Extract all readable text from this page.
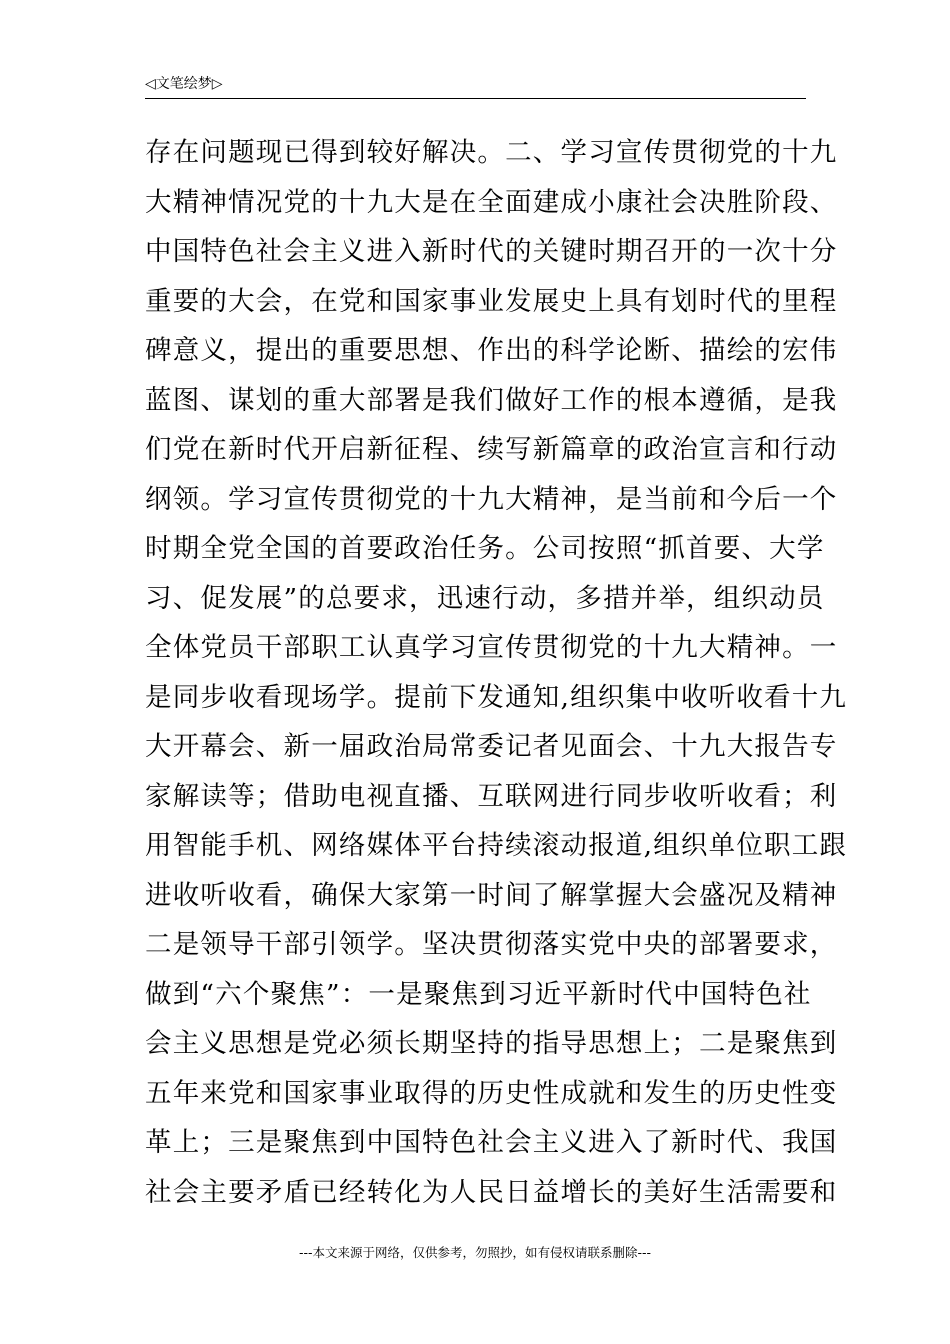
◁文笔绘梦▷
存在问题现已得到较好解决。二、学习宣传贯彻党的十九
大精神情况党的十九大是在全面建成小康社会决胜阶段、
中国特色社会主义进入新时代的关键时期召开的一次十分
重要的大会，在党和国家事业发展史上具有划时代的里程
碑意义，提出的重要思想、作出的科学论断、描绘的宏伟
蓝图、谋划的重大部署是我们做好工作的根本遵循，是我
们党在新时代开启新征程、续写新篇章的政治宣言和行动
纲领。学习宣传贯彻党的十九大精神，是当前和今后一个
时期全党全国的首要政治任务。公司按照“抓首要、大学
习、促发展”的总要求，迅速行动，多措并举，组织动员
全体党员干部职工认真学习宣传贯彻党的十九大精神。一
是同步收看现场学。提前下发通知,组织集中收听收看十九
大开幕会、新一届政治局常委记者见面会、十九大报告专
家解读等；借助电视直播、互联网进行同步收听收看；利
用智能手机、网络媒体平台持续滚动报道,组织单位职工跟
进收听收看，确保大家第一时间了解掌握大会盛况及精神
二是领导干部引领学。坚决贯彻落实党中央的部署要求，
做到“六个聚焦”：一是聚焦到习近平新时代中国特色社
会主义思想是党必须长期坚持的指导思想上；二是聚焦到
五年来党和国家事业取得的历史性成就和发生的历史性变
革上；三是聚焦到中国特色社会主义进入了新时代、我国
社会主要矛盾已经转化为人民日益增长的美好生活需要和
---本文来源于网络，仅供参考，勿照抄，如有侵权请联系删除---
